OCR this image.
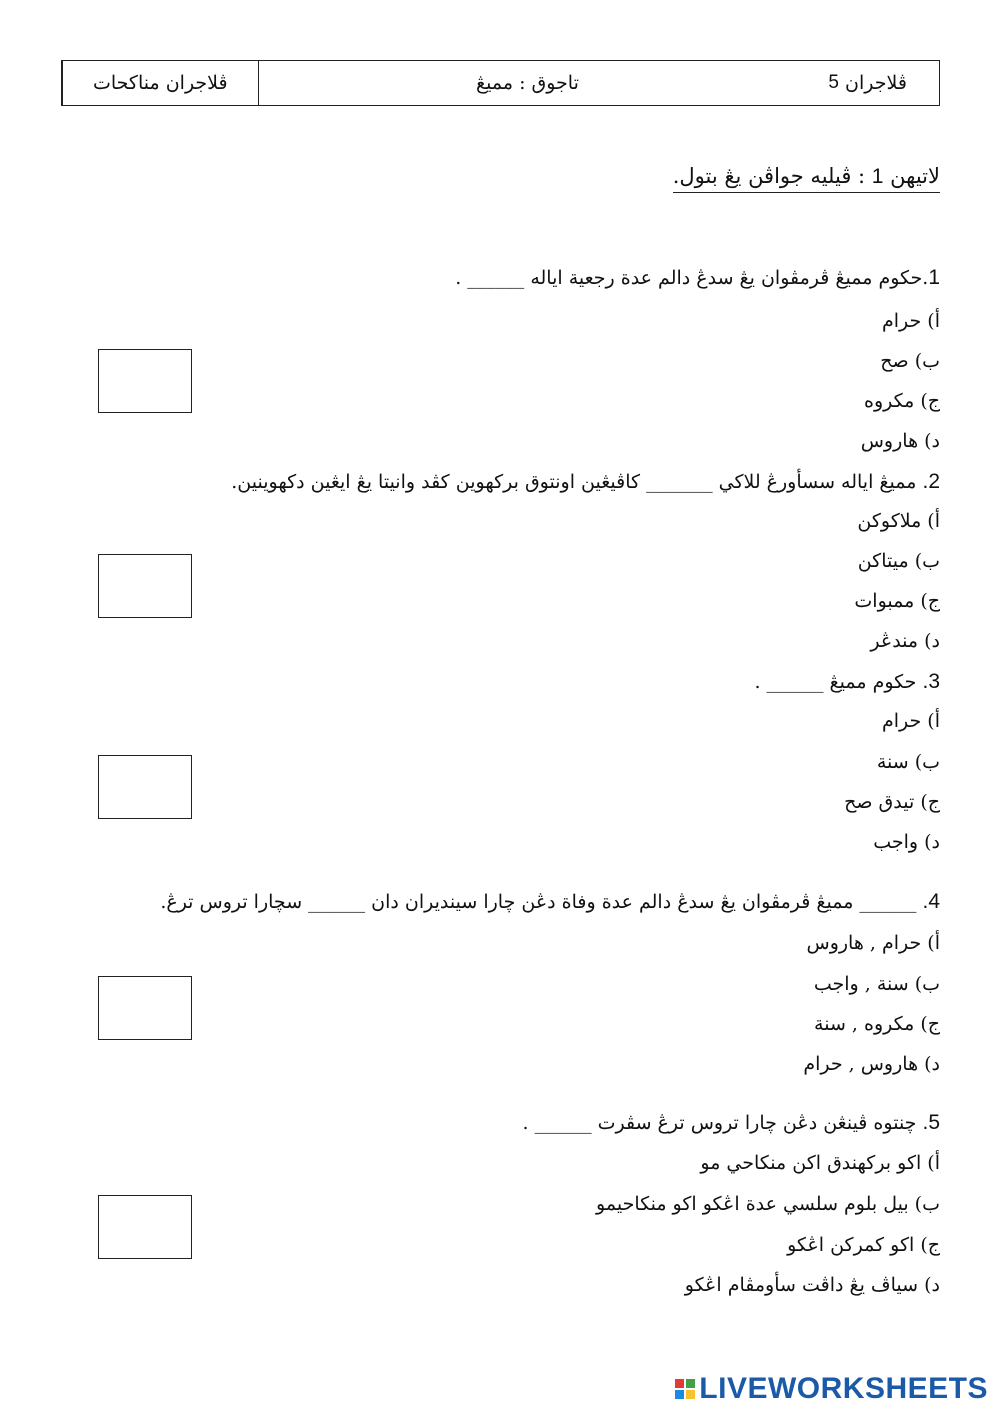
ڤلاجران مناكحات	تاجوق : مميڠ	ڤلاجران

5
لاتيهن 1 : ڤيليه جواڤن يڠ بتول.
1.حكوم مميڠ ڤرمڤوان يڠ سدڠ دالم عدة رجعية اياله ______ .
أ) حرام
ب) صح
ج) مكروه
د) هاروس
2. مميڠ اياله سسأورڠ للاكي _______ كاڤيڠين اونتوق بركهوين كڤد وانيتا يڠ ايڠين دكهوينين.
أ) ملاكوكن
ب) ميتاكن
ج) ممبوات
د) مندڠر
3. حكوم مميڠ ______ .
أ) حرام
ب) سنة
ج) تيدق صح
د) واجب
4. ______ مميڠ ڤرمڤوان يڠ سدڠ دالم عدة وفاة دڠن چارا سينديران دان ______ سچارا تروس ترڠ.
أ) حرام , هاروس
ب) سنة , واجب
ج) مكروه , سنة
د) هاروس , حرام
5. چنتوه ڤينڠن دڠن چارا تروس ترڠ سڤرت ______ .
أ) اكو بركهندق اكن منكاحي مو
ب) بيل بلوم سلسي عدة اڠكو اكو منكاحيمو
ج) اكو كمرکن اڠكو
د) سياڤ يڠ داڤت سأومڤام اڠكو
LIVEWORKSHEETS
